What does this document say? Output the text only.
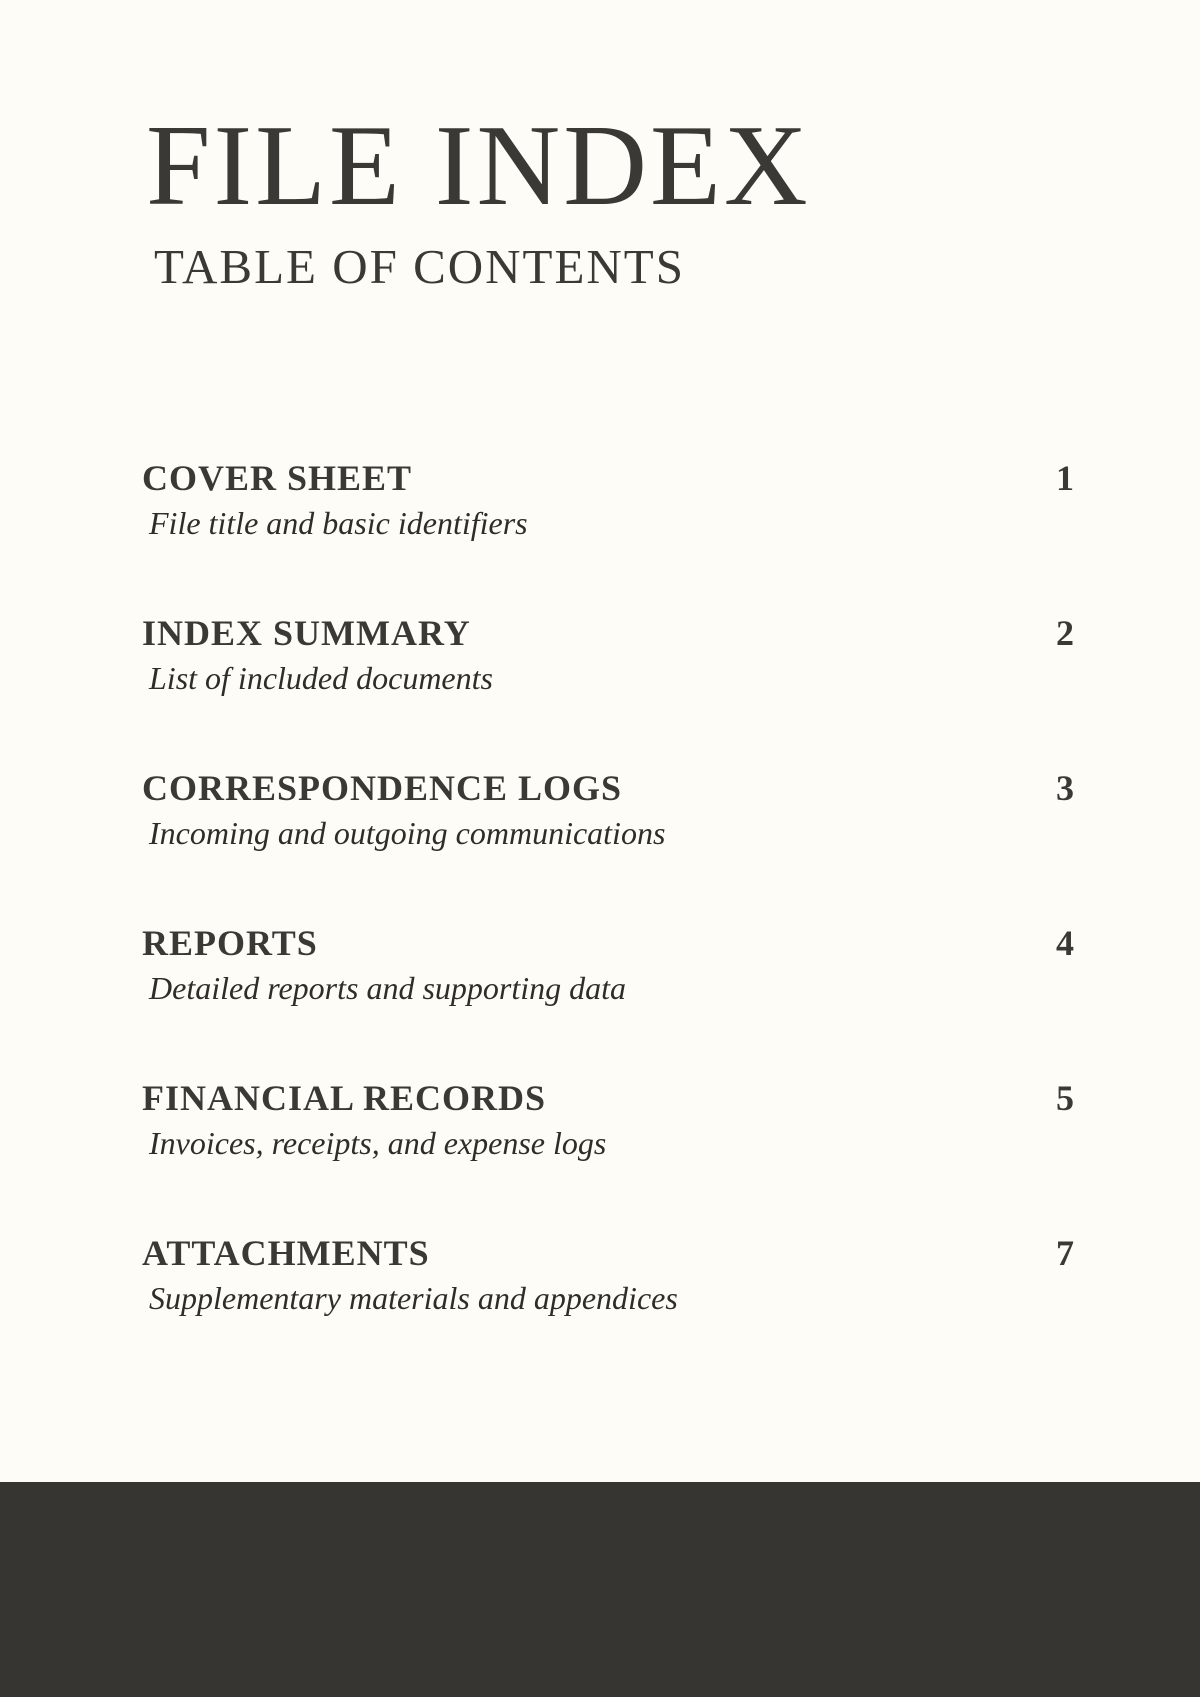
FILE INDEX
TABLE OF CONTENTS
COVER SHEET
File title and basic identifiers
1
INDEX SUMMARY
List of included documents
2
CORRESPONDENCE LOGS
Incoming and outgoing communications
3
REPORTS
Detailed reports and supporting data
4
FINANCIAL RECORDS
Invoices, receipts, and expense logs
5
ATTACHMENTS
Supplementary materials and appendices
7
